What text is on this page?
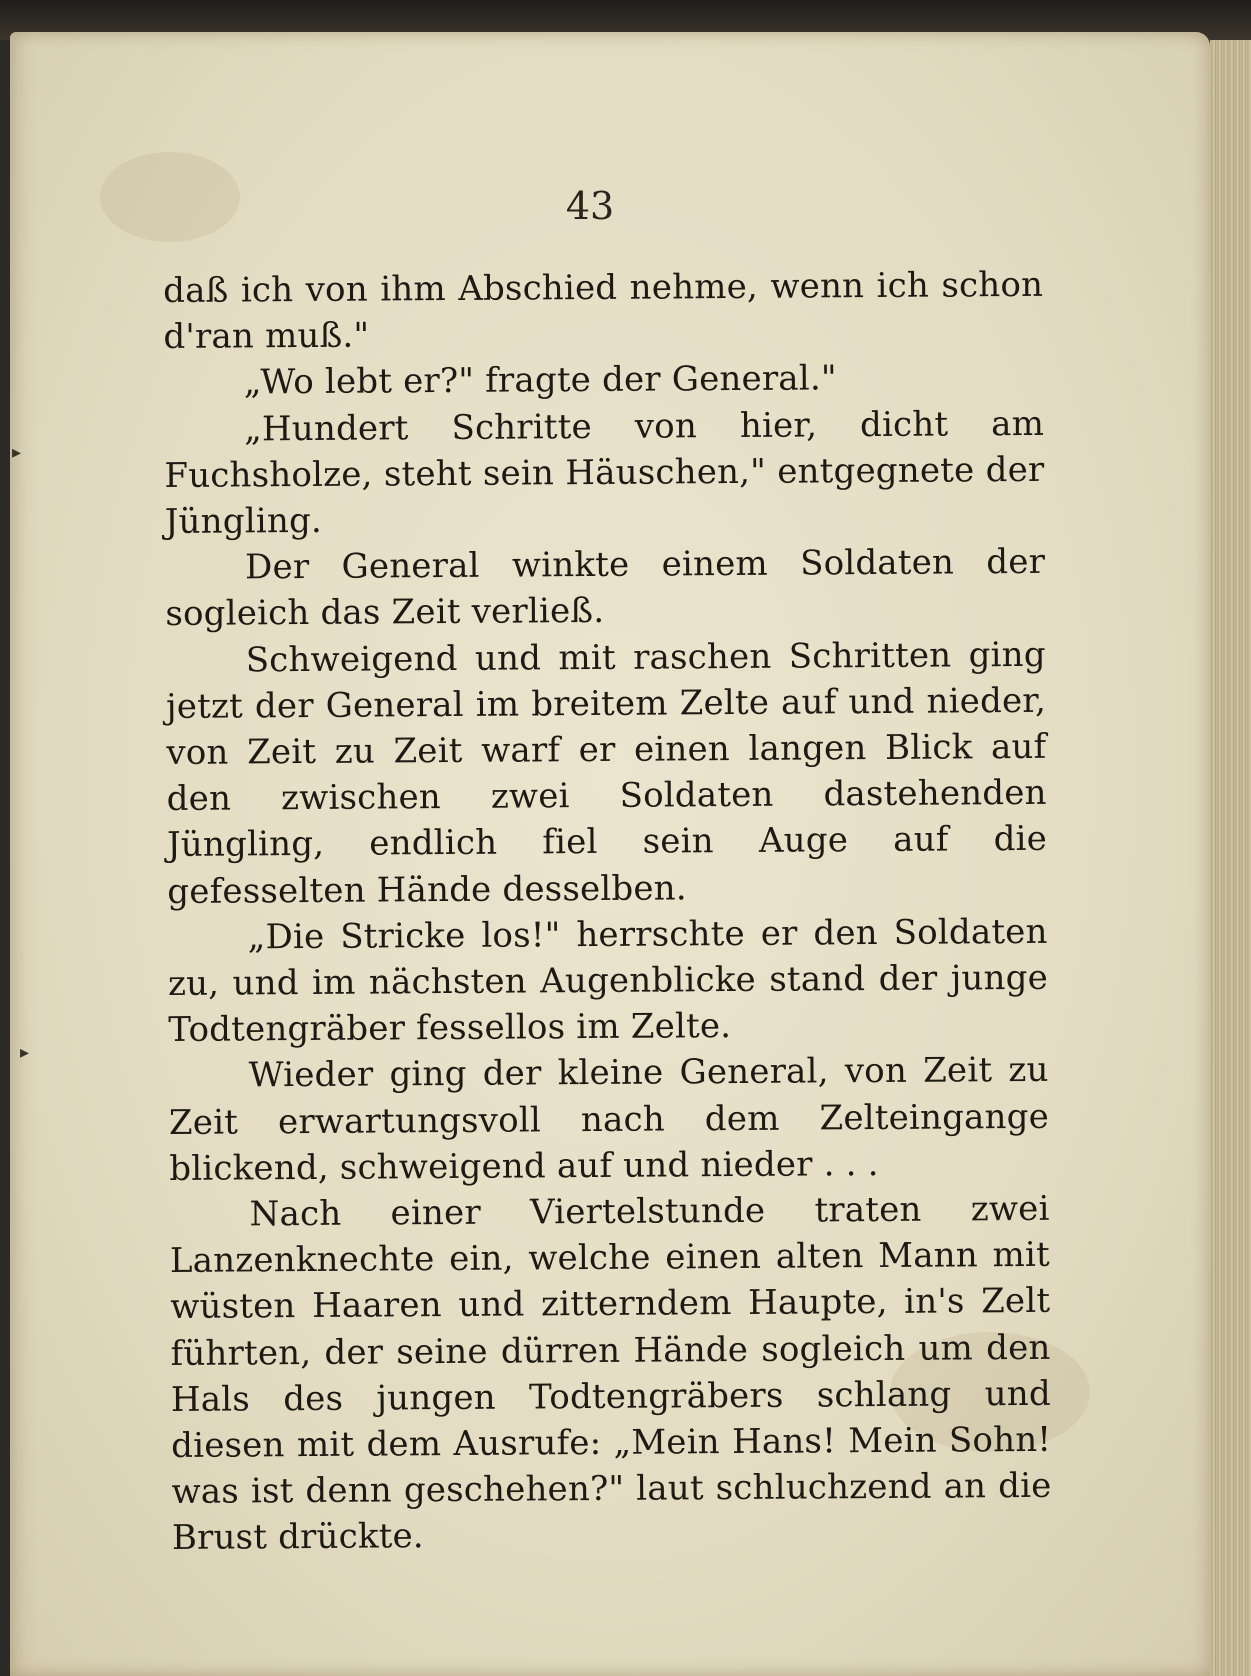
▸
▸
43

daß ich von ihm Abschied nehme, wenn ich schon d'ran muß."

„Wo lebt er?" fragte der General."

„Hundert Schritte von hier, dicht am Fuchsholze, steht sein Häuschen," entgegnete der Jüngling.

Der General winkte einem Soldaten der sogleich das Zeit verließ.

Schweigend und mit raschen Schritten ging jetzt der General im breitem Zelte auf und nieder, von Zeit zu Zeit warf er einen langen Blick auf den zwischen zwei Soldaten dastehenden Jüngling, endlich fiel sein Auge auf die gefesselten Hände desselben.

„Die Stricke los!" herrschte er den Soldaten zu, und im nächsten Augenblicke stand der junge Todtengräber fessellos im Zelte.

Wieder ging der kleine General, von Zeit zu Zeit erwartungsvoll nach dem Zelteingange blickend, schweigend auf und nieder . . .

Nach einer Viertelstunde traten zwei Lanzenknechte ein, welche einen alten Mann mit wüsten Haaren und zitterndem Haupte, in's Zelt führten, der seine dürren Hände sogleich um den Hals des jungen Todtengräbers schlang und diesen mit dem Ausrufe: „Mein Hans! Mein Sohn! was ist denn geschehen?" laut schluchzend an die Brust drückte.
